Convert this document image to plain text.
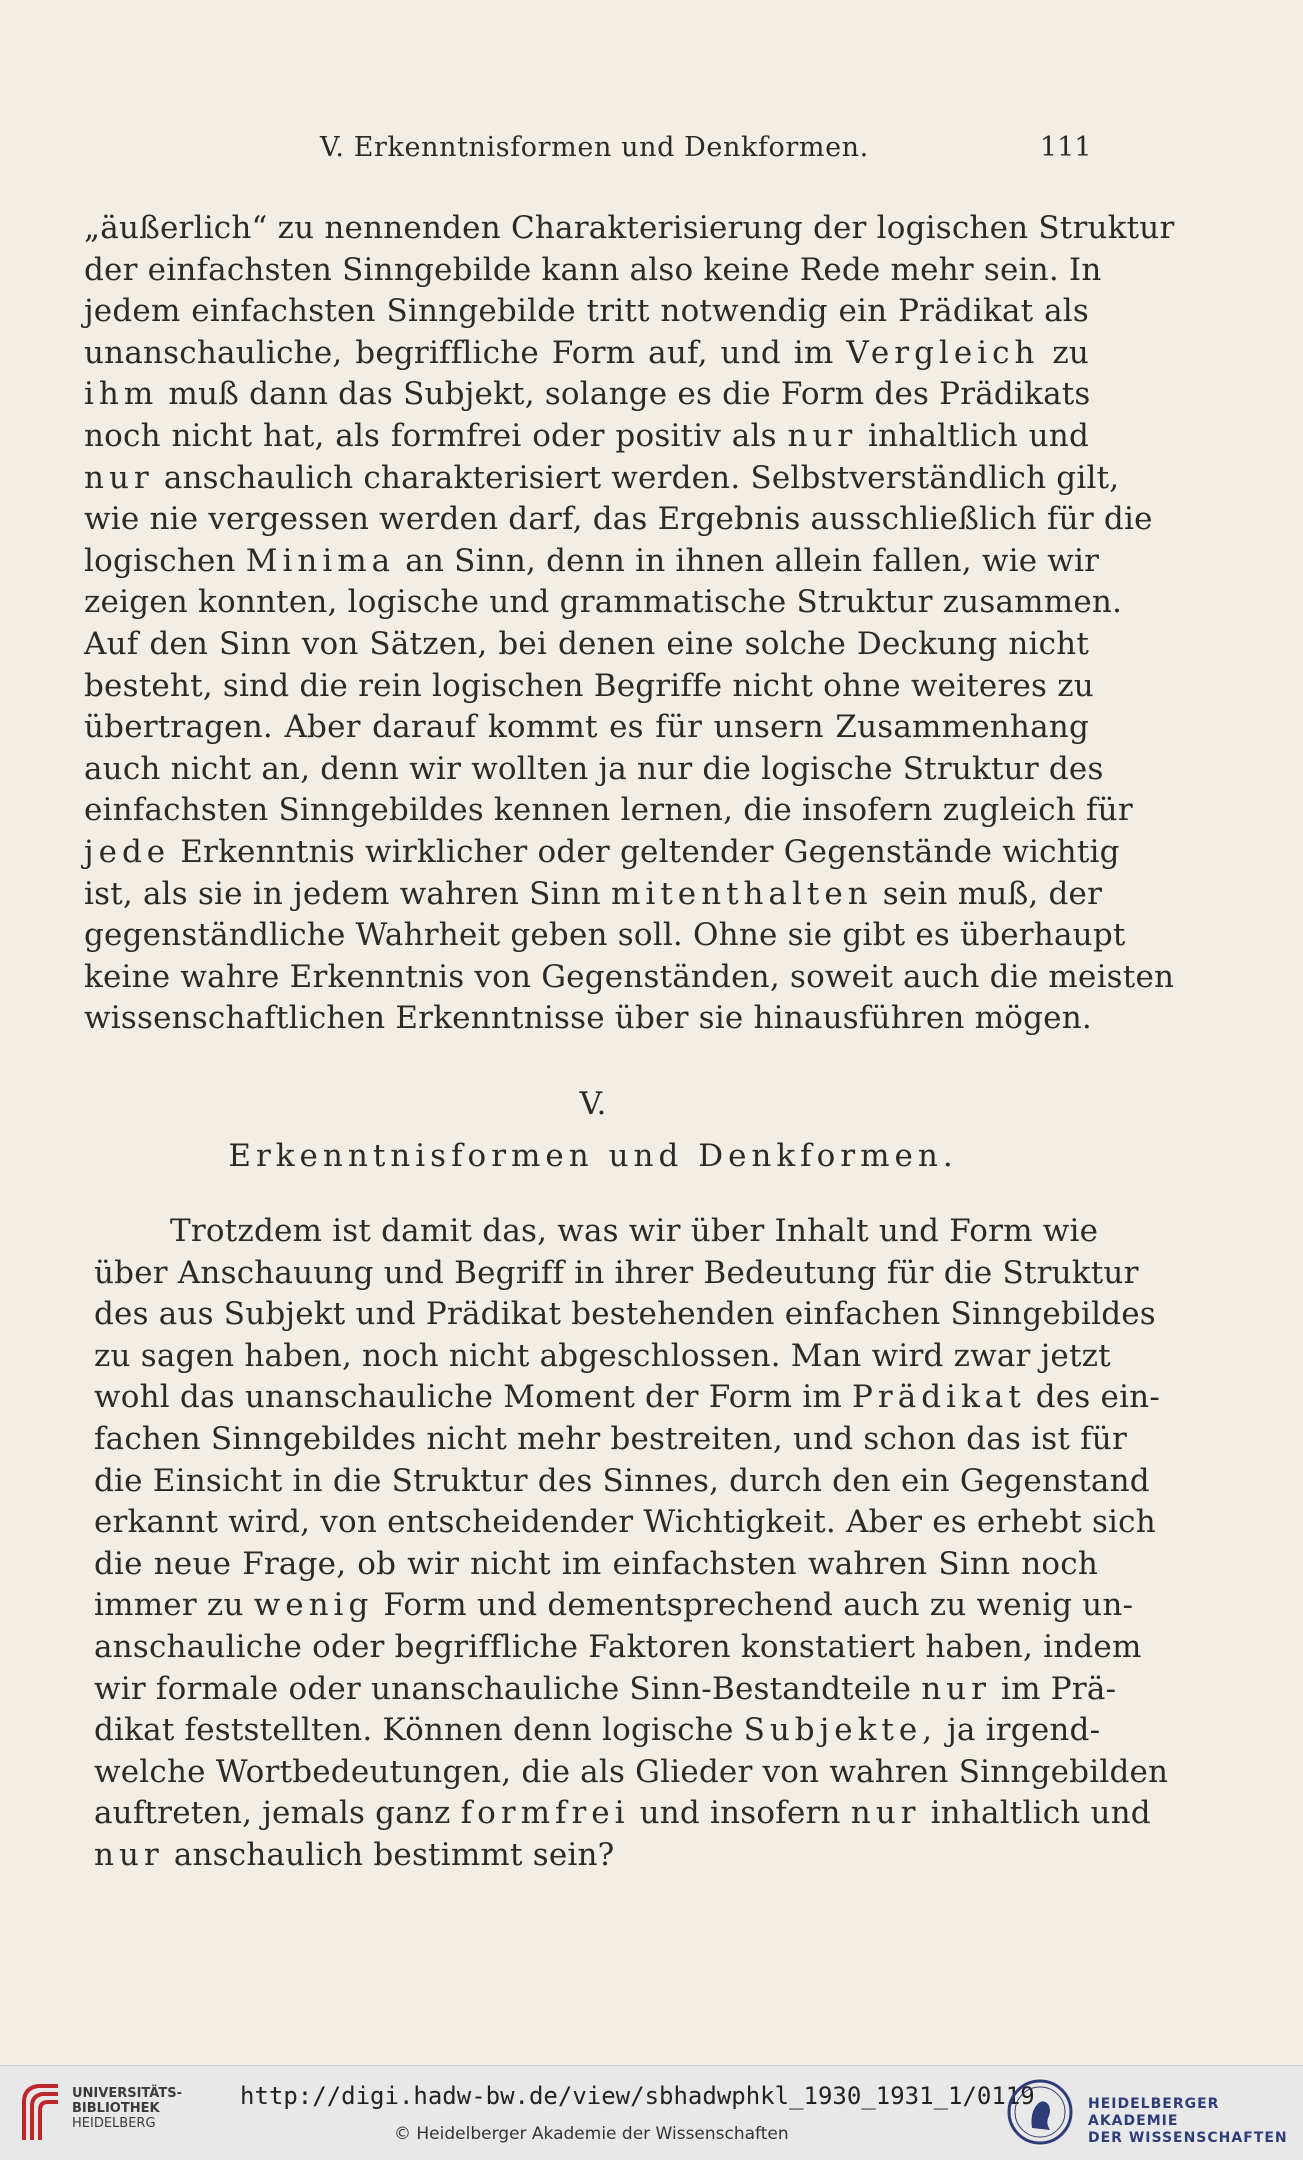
V. Erkenntnisformen und Denkformen.	111
„äußerlich“ zu nennenden Charakterisierung der logischen Struktur
der einfachsten Sinngebilde kann also keine Rede mehr sein. In
jedem einfachsten Sinngebilde tritt notwendig ein Prädikat als
unanschauliche, begriffliche Form auf, und im Vergleich zu
ihm muß dann das Subjekt, solange es die Form des Prädikats
noch nicht hat, als formfrei oder positiv als nur inhaltlich und
nur anschaulich charakterisiert werden. Selbstverständlich gilt,
wie nie vergessen werden darf, das Ergebnis ausschließlich für die
logischen Minima an Sinn, denn in ihnen allein fallen, wie wir
zeigen konnten, logische und grammatische Struktur zusammen.
Auf den Sinn von Sätzen, bei denen eine solche Deckung nicht
besteht, sind die rein logischen Begriffe nicht ohne weiteres zu
übertragen. Aber darauf kommt es für unsern Zusammenhang
auch nicht an, denn wir wollten ja nur die logische Struktur des
einfachsten Sinngebildes kennen lernen, die insofern zugleich für
jede Erkenntnis wirklicher oder geltender Gegenstände wichtig
ist, als sie in jedem wahren Sinn mitenthalten sein muß, der
gegenständliche Wahrheit geben soll. Ohne sie gibt es überhaupt
keine wahre Erkenntnis von Gegenständen, soweit auch die meisten
wissenschaftlichen Erkenntnisse über sie hinausführen mögen.
V.
Erkenntnisformen und Denkformen.
Trotzdem ist damit das, was wir über Inhalt und Form wie
über Anschauung und Begriff in ihrer Bedeutung für die Struktur
des aus Subjekt und Prädikat bestehenden einfachen Sinngebildes
zu sagen haben, noch nicht abgeschlossen. Man wird zwar jetzt
wohl das unanschauliche Moment der Form im Prädikat des ein-
fachen Sinngebildes nicht mehr bestreiten, und schon das ist für
die Einsicht in die Struktur des Sinnes, durch den ein Gegenstand
erkannt wird, von entscheidender Wichtigkeit. Aber es erhebt sich
die neue Frage, ob wir nicht im einfachsten wahren Sinn noch
immer zu wenig Form und dementsprechend auch zu wenig un-
anschauliche oder begriffliche Faktoren konstatiert haben, indem
wir formale oder unanschauliche Sinn-Bestandteile nur im Prä-
dikat feststellten. Können denn logische Subjekte, ja irgend-
welche Wortbedeutungen, die als Glieder von wahren Sinngebilden
auftreten, jemals ganz formfrei und insofern nur inhaltlich und
nur anschaulich bestimmt sein?
UNIVERSITÄTS-
BIBLIOTHEK
HEIDELBERG
http://digi.hadw-bw.de/view/sbhadwphkl_1930_1931_1/0119
© Heidelberger Akademie der Wissenschaften
HEIDELBERGER AKADEMIE
DER WISSENSCHAFTEN
